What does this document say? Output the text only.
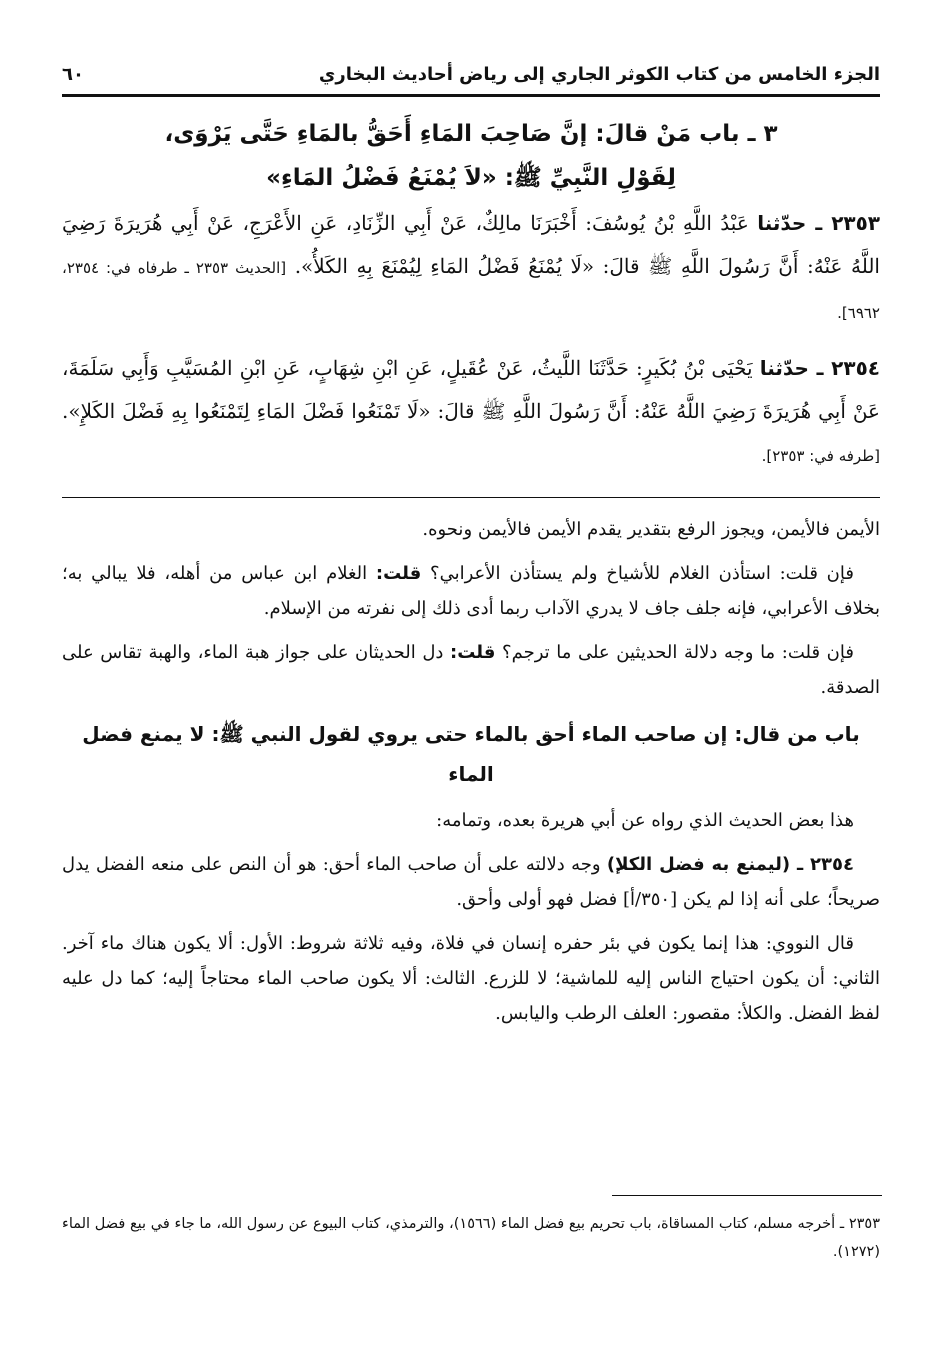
الجزء الخامس من كتاب الكوثر الجاري إلى رياض أحاديث البخاري
٦٠
٣ ـ باب مَنْ قالَ: إنَّ صَاحِبَ المَاءِ أَحَقُّ بالمَاءِ حَتَّى يَرْوَى،
لِقَوْلِ النَّبِيِّ ﷺ: «لاَ يُمْنَعُ فَضْلُ المَاءِ»

٢٣٥٣ ـ حدّثنا عَبْدُ اللَّهِ بْنُ يُوسُفَ: أَخْبَرَنَا مالِكٌ، عَنْ أَبِي الزِّنَادِ، عَنِ الأَعْرَجِ، عَنْ أَبِي هُرَيرَةَ رَضِيَ اللَّهُ عَنْهُ: أَنَّ رَسُولَ اللَّهِ ﷺ قالَ: «لَا يُمْنَعُ فَضْلُ المَاءِ لِيُمْنَعَ بِهِ الكَلأُ». [الحديث ٢٣٥٣ ـ طرفاه في: ٢٣٥٤، ٦٩٦٢].

٢٣٥٤ ـ حدّثنا يَحْيَى بْنُ بُكَيرٍ: حَدَّثَنَا اللَّيثُ، عَنْ عُقَيلٍ، عَنِ ابْنِ شِهَابٍ، عَنِ ابْنِ المُسَيَّبِ وَأَبِي سَلَمَةَ، عَنْ أَبِي هُرَيرَةَ رَضِيَ اللَّهُ عَنْهُ: أَنَّ رَسُولَ اللَّهِ ﷺ قالَ: «لَا تَمْنَعُوا فَضْلَ المَاءِ لِتَمْنَعُوا بِهِ فَضْلَ الكَلإِ». [طرفه في: ٢٣٥٣].

الأيمن فالأيمن، ويجوز الرفع بتقدير يقدم الأيمن فالأيمن ونحوه.

فإن قلت: استأذن الغلام للأشياخ ولم يستأذن الأعرابي؟ قلت: الغلام ابن عباس من أهله، فلا يبالي به؛ بخلاف الأعرابي، فإنه جلف جاف لا يدري الآداب ربما أدى ذلك إلى نفرته من الإسلام.

فإن قلت: ما وجه دلالة الحديثين على ما ترجم؟ قلت: دل الحديثان على جواز هبة الماء، والهبة تقاس على الصدقة.

باب من قال: إن صاحب الماء أحق بالماء حتى يروي لقول النبي ﷺ: لا يمنع فضل الماء

هذا بعض الحديث الذي رواه عن أبي هريرة بعده، وتمامه:

٢٣٥٤ ـ (ليمنع به فضل الكلإ) وجه دلالته على أن صاحب الماء أحق: هو أن النص على منعه الفضل يدل صريحاً؛ على أنه إذا لم يكن [٣٥٠/أ] فضل فهو أولى وأحق.

قال النووي: هذا إنما يكون في بئر حفره إنسان في فلاة، وفيه ثلاثة شروط: الأول: ألا يكون هناك ماء آخر. الثاني: أن يكون احتياج الناس إليه للماشية؛ لا للزرع. الثالث: ألا يكون صاحب الماء محتاجاً إليه؛ كما دل عليه لفظ الفضل. والكلأ: مقصور: العلف الرطب واليابس.

٢٣٥٣ ـ أخرجه مسلم، كتاب المساقاة، باب تحريم بيع فضل الماء (١٥٦٦)، والترمذي، كتاب البيوع عن رسول الله، ما جاء في بيع فضل الماء (١٢٧٢).
